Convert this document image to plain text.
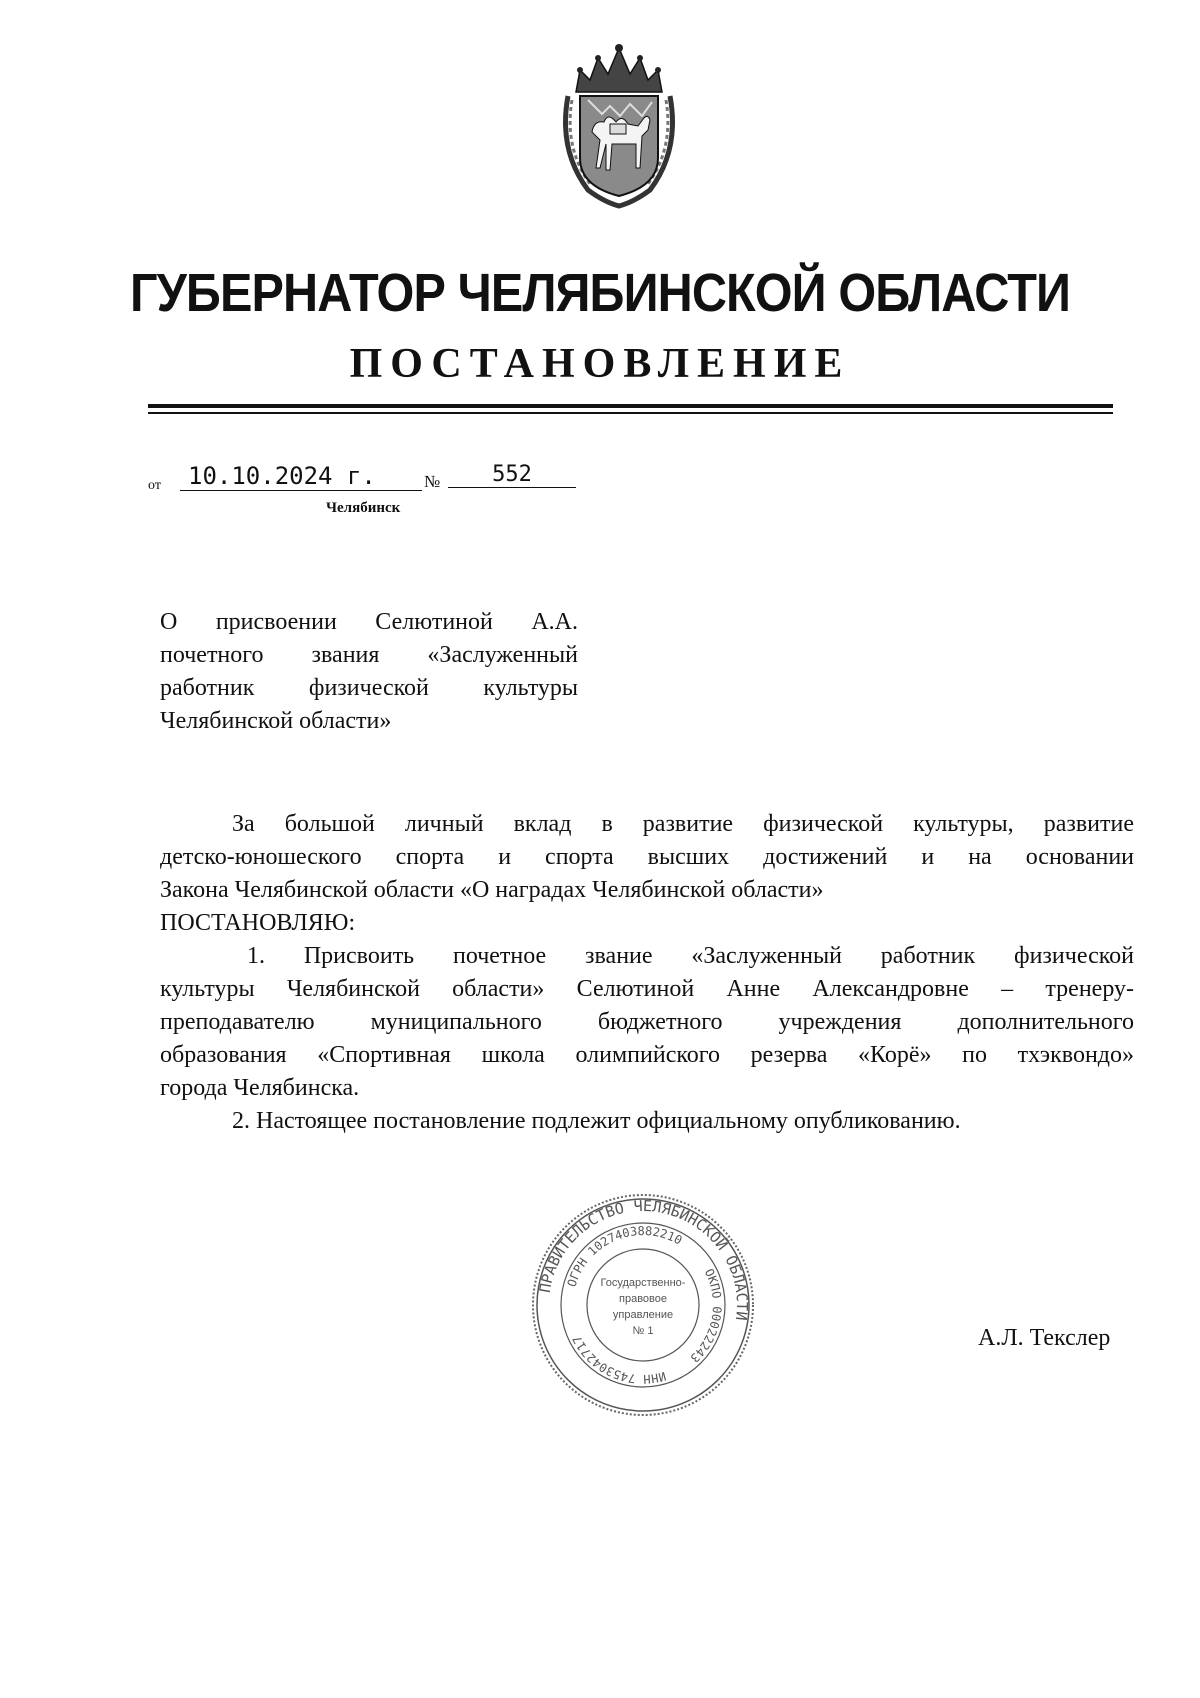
ГУБЕРНАТОР ЧЕЛЯБИНСКОЙ ОБЛАСТИ
ПОСТАНОВЛЕНИЕ
от	10.10.2024 г.	№	552
Челябинск
О присвоении Селютиной А.А.
почетного звания «Заслуженный
работник физической культуры
Челябинской области»
За большой личный вклад в развитие физической культуры, развитие
детско-юношеского спорта и спорта высших достижений и на основании
Закона Челябинской области «О наградах Челябинской области»
ПОСТАНОВЛЯЮ:
1. Присвоить почетное звание «Заслуженный работник физической
культуры Челябинской области» Селютиной Анне Александровне – тренеру-
преподавателю муниципального бюджетного учреждения дополнительного
образования «Спортивная школа олимпийского резерва «Корё» по тхэквондо»
города Челябинска.
2. Настоящее постановление подлежит официальному опубликованию.
ПРАВИТЕЛЬСТВО ЧЕЛЯБИНСКОЙ ОБЛАСТИ
ОГРН 1027403882210
ОКПО 00022243
ИНН 7453042717
Государственно-
правовое
управление
№ 1	А.Л. Текслер
